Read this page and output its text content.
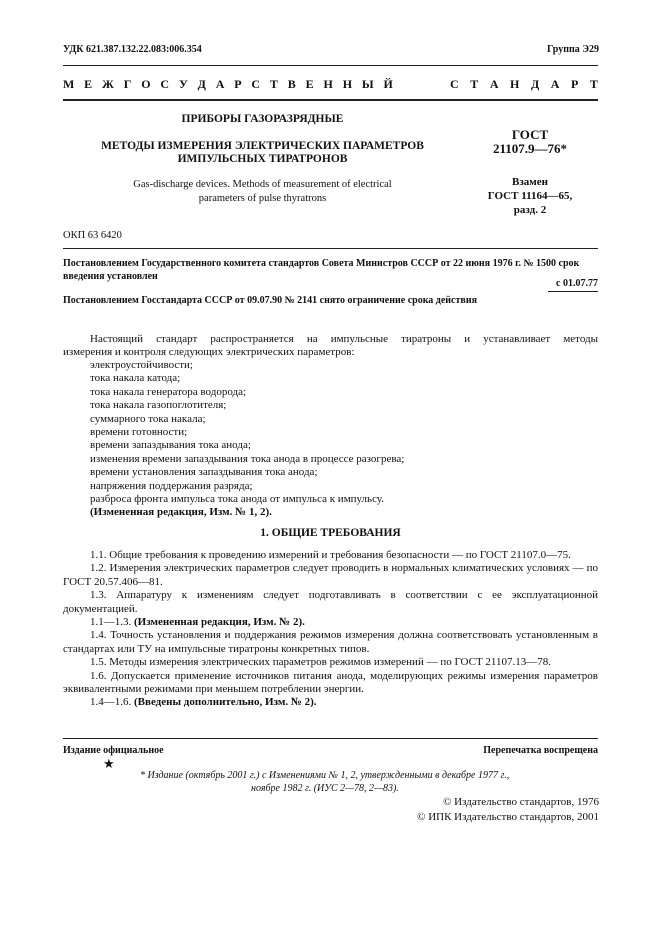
УДК 621.387.132.22.083:006.354	Группа Э29
М Е Ж Г О С У Д А Р С Т В Е Н Н Ы Й	С Т А Н Д А Р Т
ПРИБОРЫ ГАЗОРАЗРЯДНЫЕ
МЕТОДЫ ИЗМЕРЕНИЯ ЭЛЕКТРИЧЕСКИХ ПАРАМЕТРОВ
ИМПУЛЬСНЫХ ТИРАТРОНОВ
Gas-discharge devices. Methods of measurement of electrical
parameters of pulse thyratrons
ГОСТ
21107.9—76*
Взамен
ГОСТ 11164—65,
разд. 2
ОКП 63 6420
Постановлением Государственного комитета стандартов Совета Министров СССР от 22 июня 1976 г. № 1500 срок введения установлен
с 01.07.77
Постановлением Госстандарта СССР от 09.07.90 № 2141 снято ограничение срока действия
Настоящий стандарт распространяется на импульсные тиратроны и устанавливает методы
измерения и контроля следующих электрических параметров:
электроустойчивости;
тока накала катода;
тока накала генератора водорода;
тока накала газопоглотителя;
суммарного тока накала;
времени готовности;
времени запаздывания тока анода;
изменения времени запаздывания тока анода в процессе разогрева;
времени установления запаздывания тока анода;
напряжения поддержания разряда;
разброса фронта импульса тока анода от импульса к импульсу.
(Измененная редакция, Изм. № 1, 2).
1. ОБЩИЕ ТРЕБОВАНИЯ

1.1. Общие требования к проведению измерений и требования безопасности — по ГОСТ 21107.0—75.

1.2. Измерения электрических параметров следует проводить в нормальных климатических условиях — по ГОСТ 20.57.406—81.

1.3. Аппаратуру к изменениям следует подготавливать в соответствии с ее эксплуатационной документацией.

1.1—1.3. (Измененная редакция, Изм. № 2).

1.4. Точность установления и поддержания режимов измерения должна соответствовать установленным в стандартах или ТУ на импульсные тиратроны конкретных типов.

1.5. Методы измерения электрических параметров режимов измерений — по ГОСТ 21107.13—78.

1.6. Допускается применение источников питания анода, моделирующих режимы измерения параметров эквивалентными режимами при меньшем потреблении энергии.

1.4—1.6. (Введены дополнительно, Изм. № 2).

Издание официальное	Перепечатка воспрещена
★
* Издание (октябрь 2001 г.) с Изменениями № 1, 2, утвержденными в декабре 1977 г.,
ноябре 1982 г. (ИУС 2—78, 2—83).
© Издательство стандартов, 1976
© ИПК Издательство стандартов, 2001
